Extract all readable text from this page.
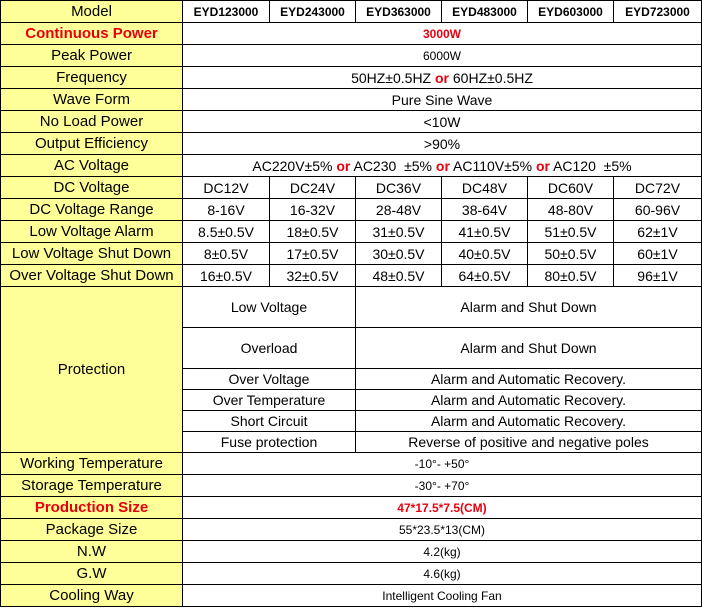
Model	EYD123000	EYD243000	EYD363000	EYD483000	EYD603000	EYD723000
Continuous Power	3000W					
Peak Power	6000W					
Frequency	50HZ±0.5HZ or 60HZ±0.5HZ					
Wave Form	Pure Sine Wave					
No Load Power	<10W					
Output Efficiency	>90%					
AC Voltage	AC220V±5% or AC230  ±5% or AC110V±5% or AC120  ±5%					
DC Voltage	DC12V	DC24V	DC36V	DC48V	DC60V	DC72V
DC Voltage Range	8-16V	16-32V	28-48V	38-64V	48-80V	60-96V
Low Voltage Alarm	8.5±0.5V	18±0.5V	31±0.5V	41±0.5V	51±0.5V	62±1V
Low Voltage Shut Down	8±0.5V	17±0.5V	30±0.5V	40±0.5V	50±0.5V	60±1V
Over Voltage Shut Down	16±0.5V	32±0.5V	48±0.5V	64±0.5V	80±0.5V	96±1V
Protection	Low Voltage		Alarm and Shut Down			
	Overload		Alarm and Shut Down			
	Over Voltage		Alarm and Automatic Recovery.			
	Over Temperature		Alarm and Automatic Recovery.			
	Short Circuit		Alarm and Automatic Recovery.			
	Fuse protection		Reverse of positive and negative poles			
Working Temperature	-10°- +50°					
Storage Temperature	-30°- +70°					
Production Size	47*17.5*7.5(CM)					
Package Size	55*23.5*13(CM)					
N.W	4.2(kg)					
G.W	4.6(kg)					
Cooling Way	Intelligent Cooling Fan					
